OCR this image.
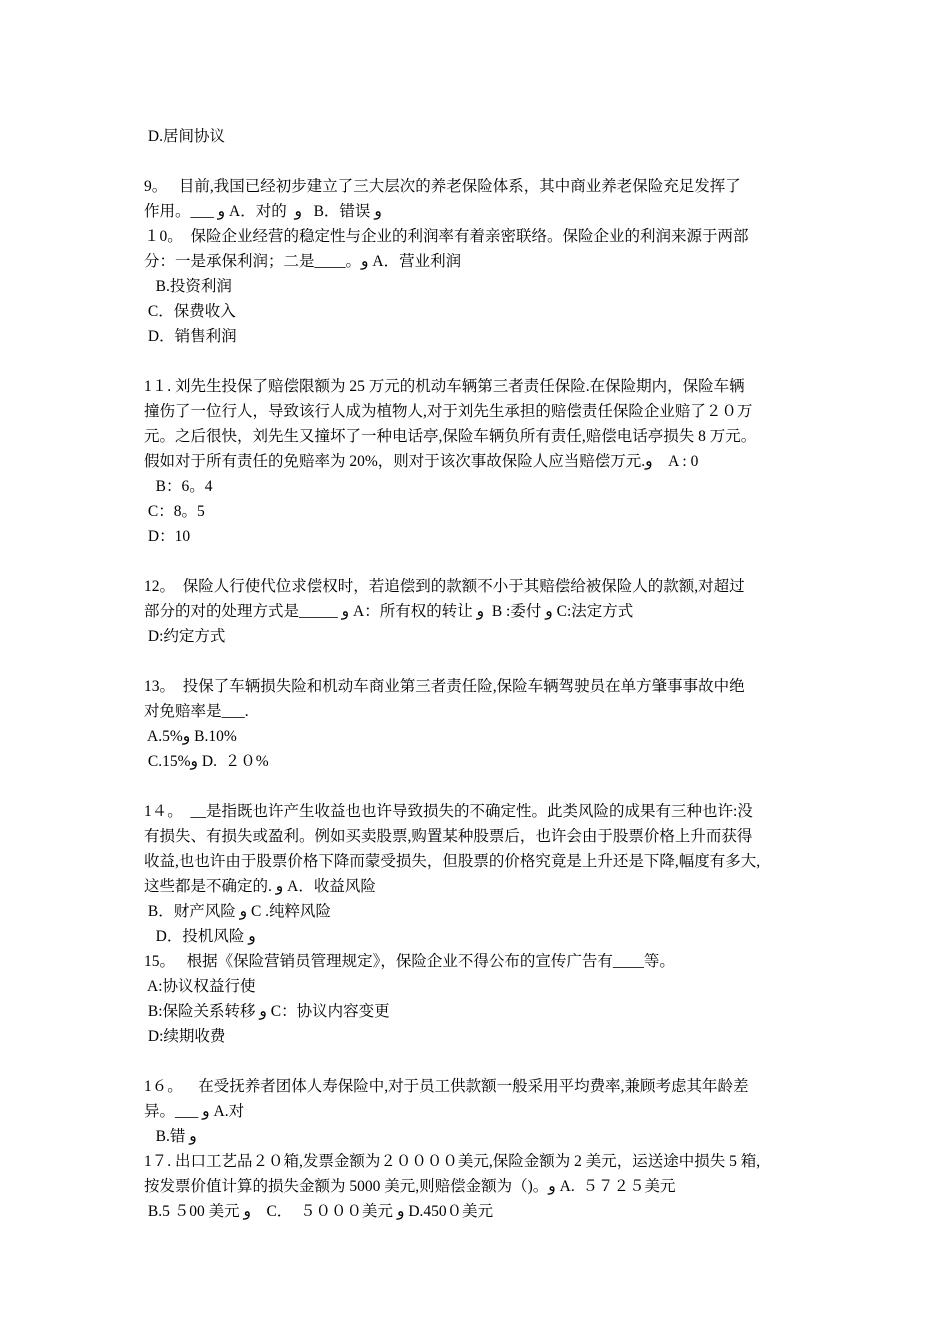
D.居间协议
9。   目前,我国已经初步建立了三大层次的养老保险体系，其中商业养老保险充足发挥了
作用。___ و A．对的  و   B．错误 و
１0。  保险企业经营的稳定性与企业的利润率有着亲密联络。保险企业的利润来源于两部
分：一是承保利润；二是____。و A．营业利润
B.投资利润
C．保费收入
D．销售利润
1１. 刘先生投保了赔偿限额为 25 万元的机动车辆第三者责任保险.在保险期内，保险车辆
撞伤了一位行人，导致该行人成为植物人,对于刘先生承担的赔偿责任保险企业赔了２０万
元。之后很快，刘先生又撞坏了一种电话亭,保险车辆负所有责任,赔偿电话亭损失 8 万元。
假如对于所有责任的免赔率为 20%，则对于该次事故保险人应当赔偿万元.و    A : 0
B：6。4
C：8。5
D：10
12。  保险人行使代位求偿权时，若追偿到的款额不小于其赔偿给被保险人的款额,对超过
部分的对的处理方式是_____ و A：所有权的转让 و  B :委付 و C:法定方式
D:约定方式
13。  投保了车辆损失险和机动车商业第三者责任险,保险车辆驾驶员在单方肇事事故中绝
对免赔率是___.
A.5%و B.10%
C.15%و D.  ２０%
1４。  __是指既也许产生收益也也许导致损失的不确定性。此类风险的成果有三种也许:没
有损失、有损失或盈利。例如买卖股票,购置某种股票后，也许会由于股票价格上升而获得
收益,也也许由于股票价格下降而蒙受损失，但股票的价格究竟是上升还是下降,幅度有多大,
这些都是不确定的. و A．收益风险
B．财产风险 و C .纯粹风险
D．投机风险 و
15。   根据《保险营销员管理规定》，保险企业不得公布的宣传广告有____等。
A:协议权益行使
B:保险关系转移 و C：协议内容变更
D:续期收费
1６。    在受抚养者团体人寿保险中,对于员工供款额一般采用平均费率,兼顾考虑其年龄差
异。___ و A.对
B.错 و
1７. 出口工艺品２０箱,发票金额为２００００美元,保险金额为 2 美元，运送途中损失 5 箱,
按发票价值计算的损失金额为 5000 美元,则赔偿金额为（)。و A.  ５７２５美元
B.5 ５00 美元 و    C．  ５０００美元 و D.450０美元
